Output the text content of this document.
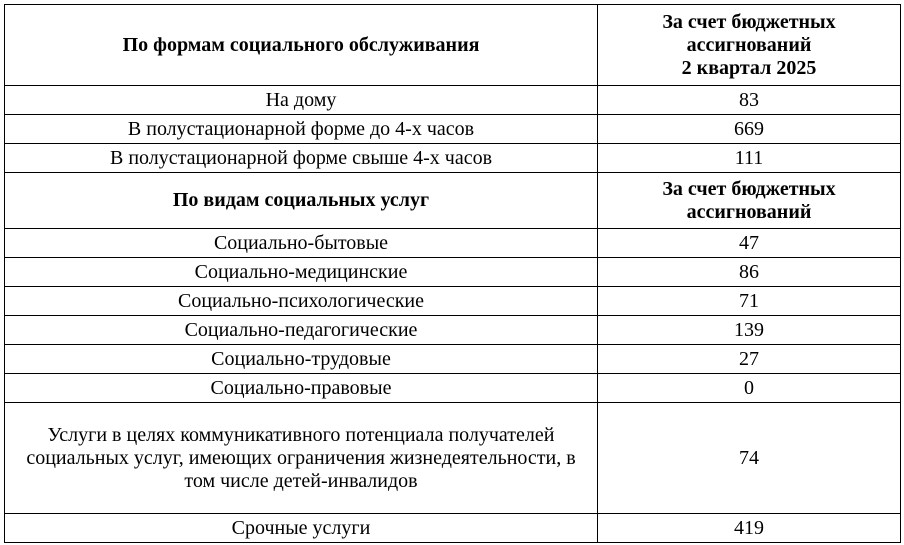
По формам социального обслуживания	За счет бюджетных
ассигнований
2 квартал 2025
На дому	83
В полустационарной форме до 4-х часов	669
В полустационарной форме свыше 4-х часов	111
По видам социальных услуг	За счет бюджетных
ассигнований
Социально-бытовые	47
Социально-медицинские	86
Социально-психологические	71
Социально-педагогические	139
Социально-трудовые	27
Социально-правовые	0
Услуги в целях коммуникативного потенциала получателей социальных услуг, имеющих ограничения жизнедеятельности, в том числе детей-инвалидов	74
Срочные услуги	419
